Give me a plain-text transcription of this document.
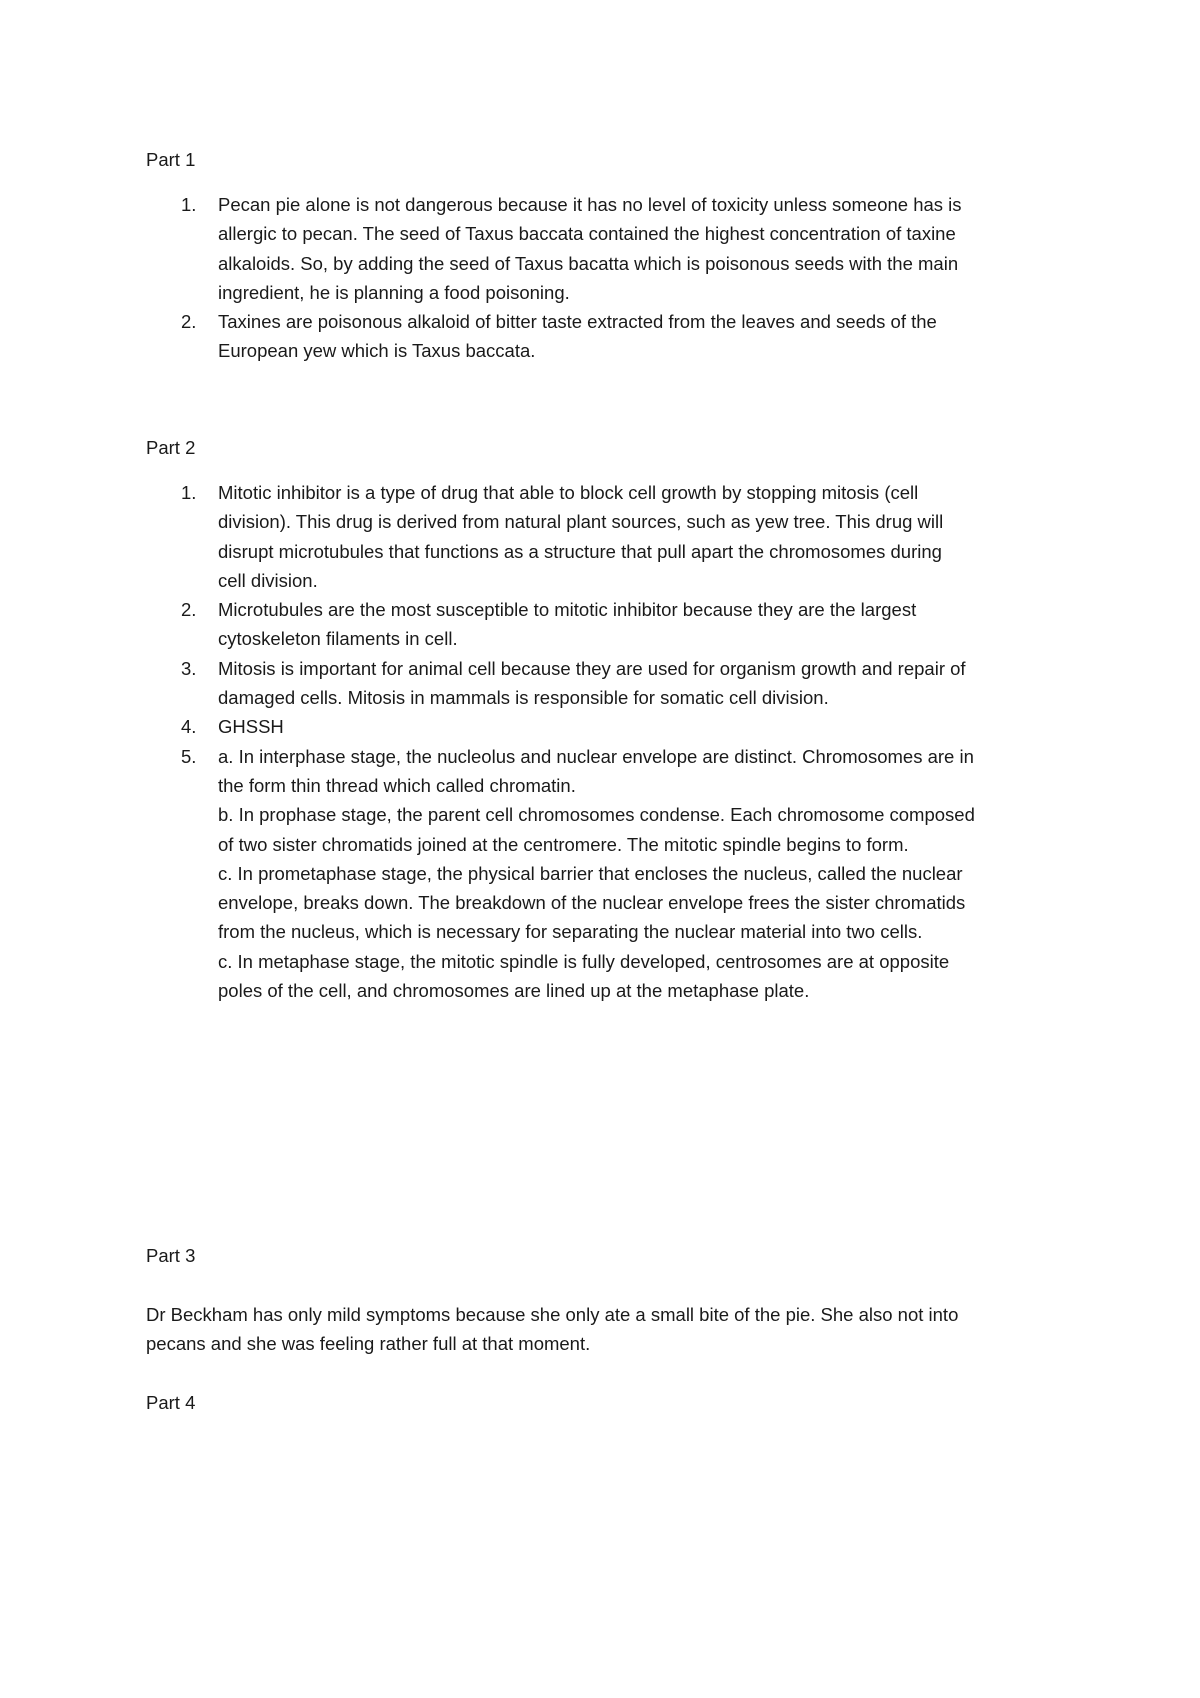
Part 1

1.	Pecan pie alone is not dangerous because it has no level of toxicity unless someone has is
allergic to pecan. The seed of Taxus baccata contained the highest concentration of taxine
alkaloids. So, by adding the seed of Taxus bacatta which is poisonous seeds with the main
ingredient, he is planning a food poisoning.
2.	Taxines are poisonous alkaloid of bitter taste extracted from the leaves and seeds of the
European yew which is Taxus baccata.

Part 2

1.	Mitotic inhibitor is a type of drug that able to block cell growth by stopping mitosis (cell
division). This drug is derived from natural plant sources, such as yew tree. This drug will
disrupt microtubules that functions as a structure that pull apart the chromosomes during
cell division.
2.	Microtubules are the most susceptible to mitotic inhibitor because they are the largest
cytoskeleton filaments in cell.
3.	Mitosis is important for animal cell because they are used for organism growth and repair of
damaged cells. Mitosis in mammals is responsible for somatic cell division.
4.	GHSSH
5.	a. In interphase stage, the nucleolus and nuclear envelope are distinct. Chromosomes are in
the form thin thread which called chromatin.
b. In prophase stage, the parent cell chromosomes condense. Each chromosome composed
of two sister chromatids joined at the centromere. The mitotic spindle begins to form.
c. In prometaphase stage, the physical barrier that encloses the nucleus, called the nuclear
envelope, breaks down. The breakdown of the nuclear envelope frees the sister chromatids
from the nucleus, which is necessary for separating the nuclear material into two cells.
c. In metaphase stage, the mitotic spindle is fully developed, centrosomes are at opposite
poles of the cell, and chromosomes are lined up at the metaphase plate.

Part 3

Dr Beckham has only mild symptoms because she only ate a small bite of the pie. She also not into
pecans and she was feeling rather full at that moment.

Part 4
